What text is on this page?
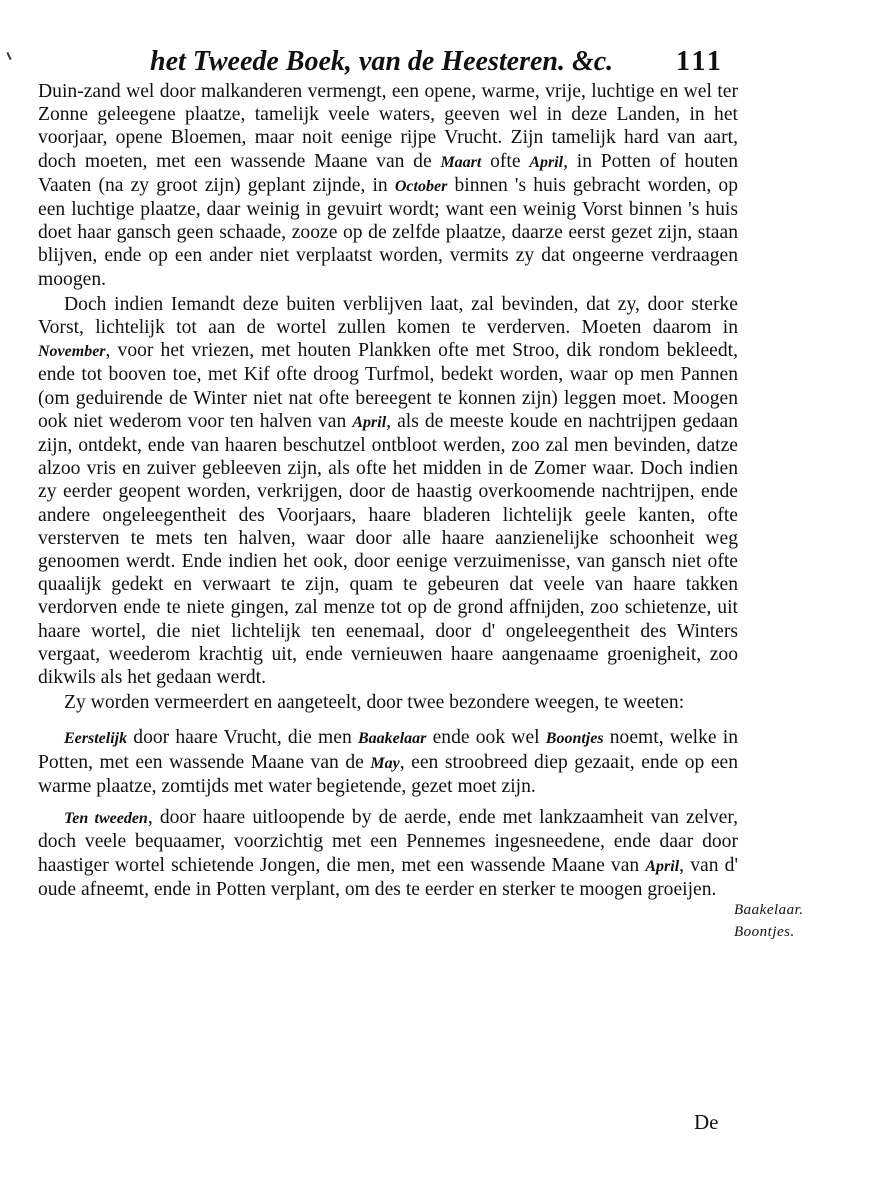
het Tweede Boek, van de Heesteren. &c.	111

Duin-zand wel door malkanderen vermengt, een opene, warme, vrije, luchtige en wel ter Zonne geleegene plaatze, tamelijk veele waters, geeven wel in deze Landen, in het voorjaar, opene Bloemen, maar noit eenige rijpe Vrucht. Zijn tamelijk hard van aart, doch moeten, met een wassende Maane van de Maart ofte April, in Potten of houten Vaaten (na zy groot zijn) geplant zijnde, in October binnen 's huis gebracht worden, op een luchtige plaatze, daar weinig in gevuirt wordt; want een weinig Vorst binnen 's huis doet haar gansch geen schaade, zooze op de zelfde plaatze, daarze eerst gezet zijn, staan blijven, ende op een ander niet verplaatst worden, vermits zy dat ongeerne verdraagen moogen.

Doch indien Iemandt deze buiten verblijven laat, zal bevinden, dat zy, door sterke Vorst, lichtelijk tot aan de wortel zullen komen te verderven. Moeten daarom in November, voor het vriezen, met houten Plankken ofte met Stroo, dik rondom bekleedt, ende tot booven toe, met Kif ofte droog Turfmol, bedekt worden, waar op men Pannen (om geduirende de Winter niet nat ofte bereegent te konnen zijn) leggen moet. Moogen ook niet wederom voor ten halven van April, als de meeste koude en nachtrijpen gedaan zijn, ontdekt, ende van haaren beschutzel ontbloot werden, zoo zal men bevinden, datze alzoo vris en zuiver gebleeven zijn, als ofte het midden in de Zomer waar. Doch indien zy eerder geopent worden, verkrijgen, door de haastig overkoomende nachtrijpen, ende andere ongeleegentheit des Voorjaars, haare bladeren lichtelijk geele kanten, ofte versterven te mets ten halven, waar door alle haare aanzienelijke schoonheit weg genoomen werdt. Ende indien het ook, door eenige verzuimenisse, van gansch niet ofte quaalijk gedekt en verwaart te zijn, quam te gebeuren dat veele van haare takken verdorven ende te niete gingen, zal menze tot op de grond affnijden, zoo schietenze, uit haare wortel, die niet lichtelijk ten eenemaal, door d' ongeleegentheit des Winters vergaat, weederom krachtig uit, ende vernieuwen haare aangenaame groenigheit, zoo dikwils als het gedaan werdt.

Zy worden vermeerdert en aangeteelt, door twee bezondere weegen, te weeten:

Eerstelijk door haare Vrucht, die men Baakelaar ende ook wel Boontjes noemt, welke in Potten, met een wassende Maane van de May, een stroobreed diep gezaait, ende op een warme plaatze, zomtijds met water begietende, gezet moet zijn.

Ten tweeden, door haare uitloopende by de aerde, ende met lankzaamheit van zelver, doch veele bequaamer, voorzichtig met een Pennemes ingesneedene, ende daar door haastiger wortel schietende Jongen, die men, met een wassende Maane van April, van d' oude afneemt, ende in Potten verplant, om des te eerder en sterker te moogen groeijen.

Baakelaar.
Boontjes.
De
